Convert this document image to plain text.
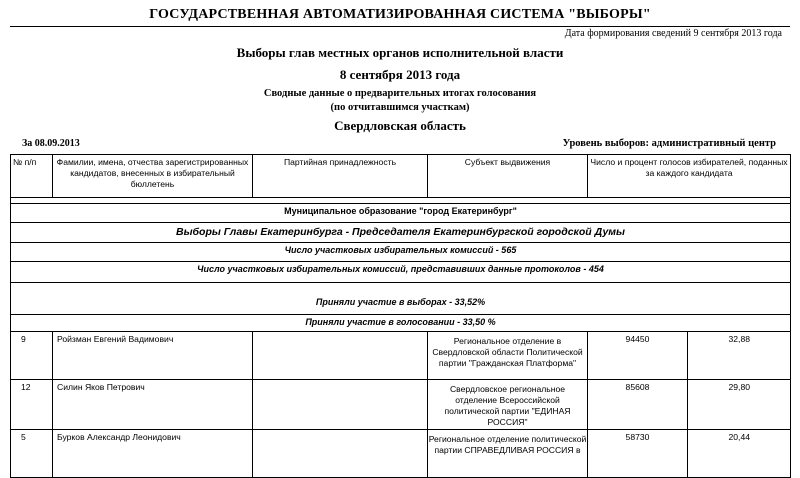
ГОСУДАРСТВЕННАЯ АВТОМАТИЗИРОВАННАЯ СИСТЕМА "ВЫБОРЫ"
Дата формирования сведений 9 сентября 2013 года
Выборы глав местных органов исполнительной власти
8 сентября 2013 года
Сводные данные о предварительных итогах голосования
(по отчитавшимся участкам)
Свердловская область
За 08.09.2013	Уровень выборов: административный центр
№ п/п	Фамилии, имена, отчества зарегистрированных кандидатов, внесенных в избирательный бюллетень	Партийная принадлежность	Субъект выдвижения	Число и процент голосов избирателей, поданных за каждого кандидата	

Муниципальное образование "город Екатеринбург"					
Выборы Главы Екатеринбурга - Председателя Екатеринбургской городской Думы					
Число участковых избирательных комиссий - 565					
Число участковых избирательных комиссий, представивших данные протоколов - 454					
Приняли участие в выборах - 33,52%					
Приняли участие в голосовании - 33,50 %					
9	Ройзман Евгений Вадимович		Региональное отделение в Свердловской области Политической партии "Гражданская Платформа"	94450	32,88
12	Силин Яков Петрович		Свердловское региональное отделение Всероссийской политической партии "ЕДИНАЯ РОССИЯ"	85608	29,80
5	Бурков Александр Леонидович		Региональное отделение политической партии СПРАВЕДЛИВАЯ РОССИЯ в	58730	20,44
